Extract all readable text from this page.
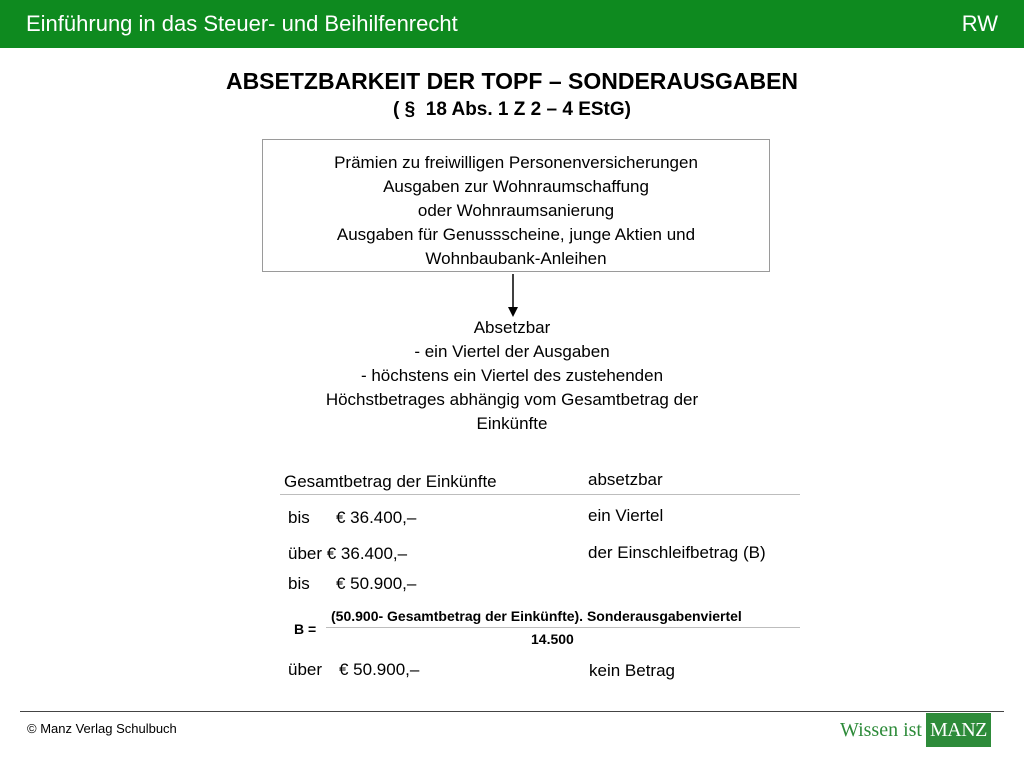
Einführung in das Steuer- und Beihilfenrecht	RW
ABSETZBARKEIT DER TOPF – SONDERAUSGABEN
( §  18 Abs. 1 Z 2 – 4 EStG)
Prämien zu freiwilligen Personenversicherungen
Ausgaben zur Wohnraumschaffung
oder Wohnraumsanierung
Ausgaben für Genussscheine, junge Aktien und
Wohnbaubank-Anleihen
Absetzbar
- ein Viertel der Ausgaben
- höchstens ein Viertel des zustehenden
Höchstbetrages abhängig vom Gesamtbetrag der
Einkünfte
Gesamtbetrag der Einkünfte	absetzbar
bis € 36.400,–	ein Viertel
über € 36.400,–	der Einschleifbetrag (B)
bis € 50.900,–
B =
(50.900- Gesamtbetrag der Einkünfte). Sonderausgabenviertel
14.500
über € 50.900,–	kein Betrag
© Manz Verlag Schulbuch	Wissen ist MANZ
